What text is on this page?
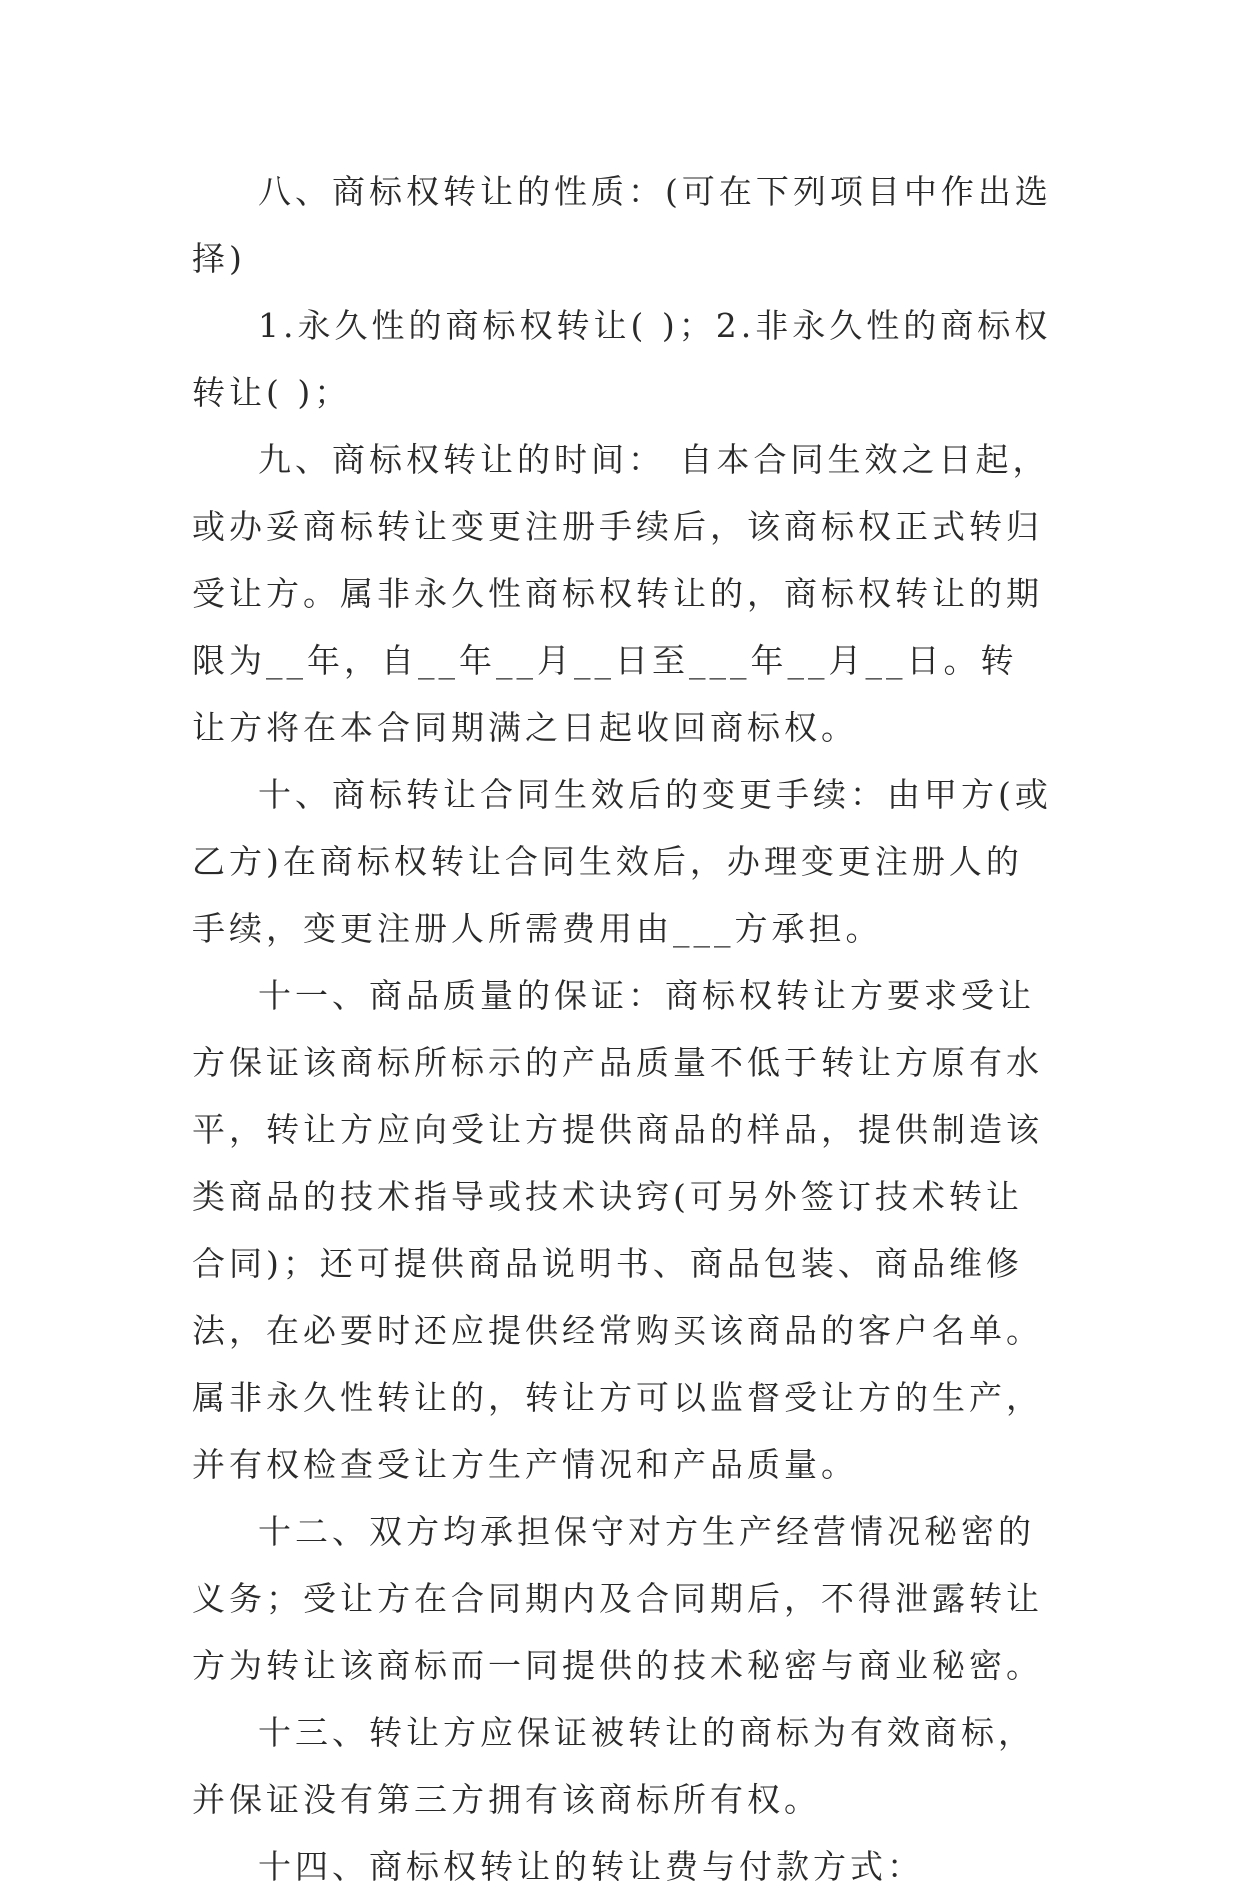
八、商标权转让的性质：(可在下列项目中作出选择)

1.永久性的商标权转让( )；2.非永久性的商标权转让( )；

九、商标权转让的时间： 自本合同生效之日起，或办妥商标转让变更注册手续后，该商标权正式转归受让方。属非永久性商标权转让的，商标权转让的期限为__年，自__年__月__日至___年__月__日。转让方将在本合同期满之日起收回商标权。

十、商标转让合同生效后的变更手续：由甲方(或乙方)在商标权转让合同生效后，办理变更注册人的手续，变更注册人所需费用由___方承担。

十一、商品质量的保证：商标权转让方要求受让方保证该商标所标示的产品质量不低于转让方原有水平，转让方应向受让方提供商品的样品，提供制造该类商品的技术指导或技术诀窍(可另外签订技术转让合同)；还可提供商品说明书、商品包装、商品维修法，在必要时还应提供经常购买该商品的客户名单。属非永久性转让的，转让方可以监督受让方的生产，并有权检查受让方生产情况和产品质量。

十二、双方均承担保守对方生产经营情况秘密的义务；受让方在合同期内及合同期后，不得泄露转让方为转让该商标而一同提供的技术秘密与商业秘密。

十三、转让方应保证被转让的商标为有效商标，并保证没有第三方拥有该商标所有权。

十四、商标权转让的转让费与付款方式：
